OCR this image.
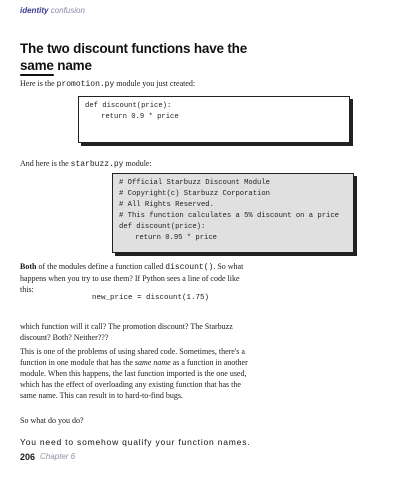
identity confusion
The two discount functions have the
same name
Here is the promotion.py module you just created:
def discount(price):
return 0.9 * price
And here is the starbuzz.py module:
# Official Starbuzz Discount Module
# Copyright(c) Starbuzz Corporation
# All Rights Reserved.
# This function calculates a 5% discount on a price
def discount(price):
return 0.95 * price
Both of the modules define a function called discount(). So what happens when you try to use them? If Python sees a line of code like this:
new_price = discount(1.75)
which function will it call? The promotion discount? The Starbuzz discount? Both? Neither???
This is one of the problems of using shared code. Sometimes, there's a function in one module that has the same name as a function in another module. When this happens, the last function imported is the one used, which has the effect of overloading any existing function that has the same name. This can result in to hard-to-find bugs.
So what do you do?
You need to somehow qualify your function names.
206 Chapter 6
